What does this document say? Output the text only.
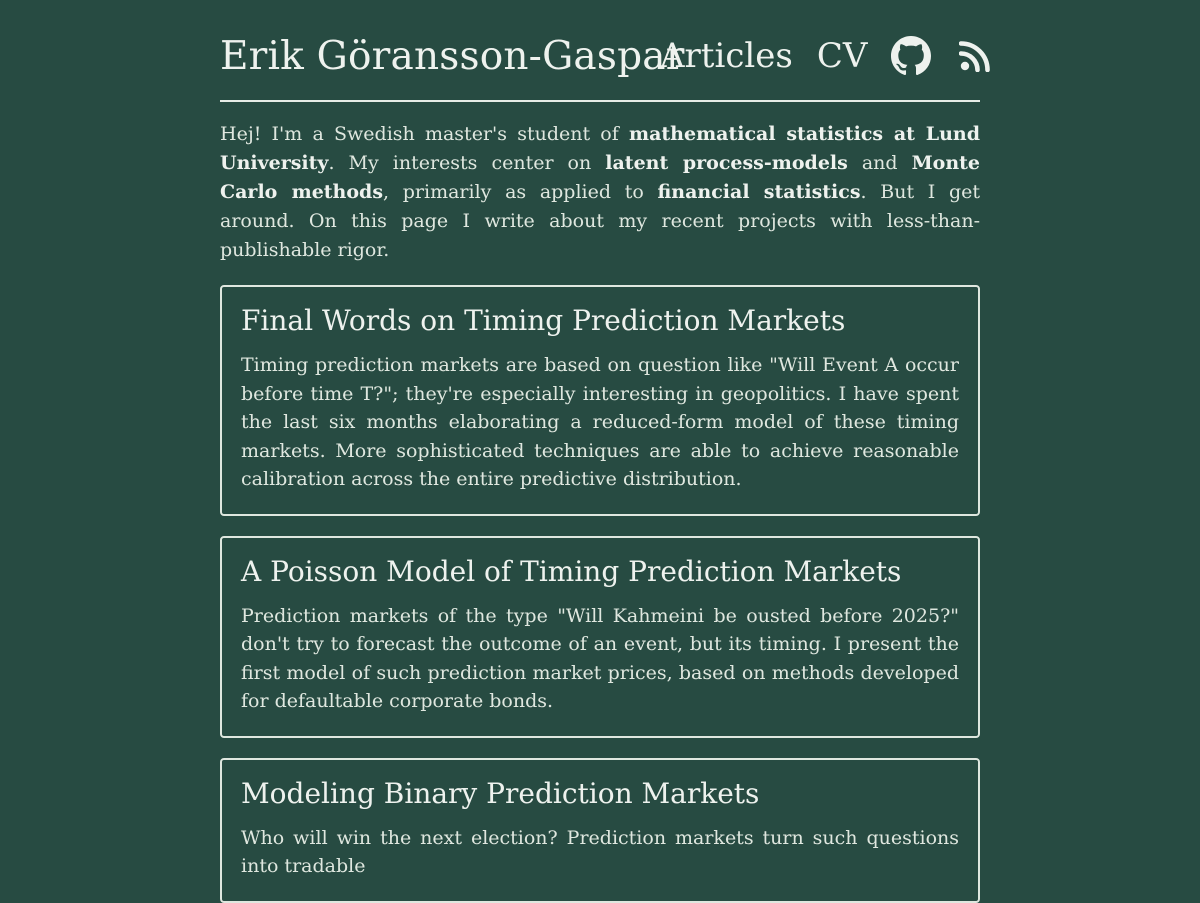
Erik Göransson-Gaspar
Articles CV

Hej! I'm a Swedish master's student of mathematical statistics at Lund University. My interests center on latent process-models and Monte Carlo methods, primarily as applied to financial statistics. But I get around. On this page I write about my recent projects with less-than-publishable rigor.

Final Words on Timing Prediction Markets

Timing prediction markets are based on question like "Will Event A occur before time T?"; they're especially interesting in geopolitics. I have spent the last six months elaborating a reduced-form model of these timing markets. More sophisticated techniques are able to achieve reasonable calibration across the entire predictive distribution.

A Poisson Model of Timing Prediction Markets

Prediction markets of the type "Will Kahmeini be ousted before 2025?" don't try to forecast the outcome of an event, but its timing. I present the first model of such prediction market prices, based on methods developed for defaultable corporate bonds.

Modeling Binary Prediction Markets

Who will win the next election? Prediction markets turn such questions into tradable
